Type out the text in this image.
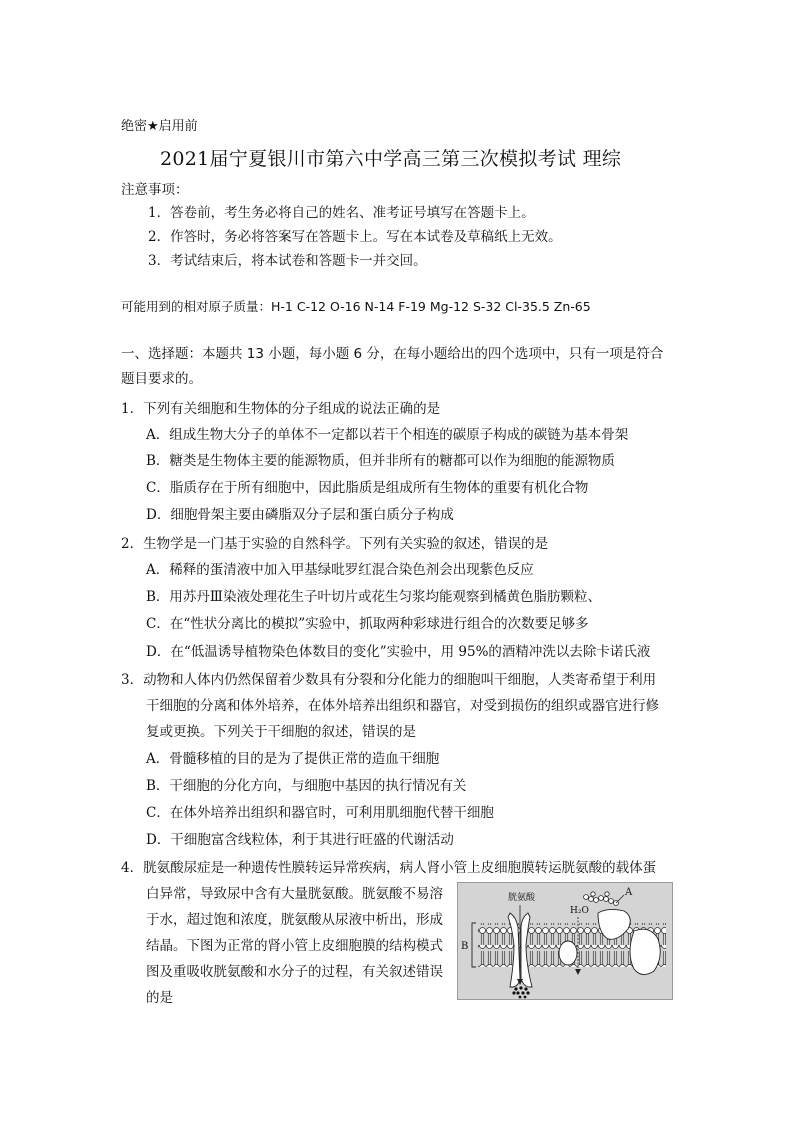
绝密★启用前
2021届宁夏银川市第六中学高三第三次模拟考试 理综
注意事项：
1．答卷前，考生务必将自己的姓名、准考证号填写在答题卡上。
2．作答时，务必将答案写在答题卡上。写在本试卷及草稿纸上无效。
3．考试结束后，将本试卷和答题卡一并交回。
可能用到的相对原子质量：H-1 C-12 O-16 N-14 F-19 Mg-12 S-32 Cl-35.5 Zn-65
一、选择题：本题共 13 小题，每小题 6 分，在每小题给出的四个选项中，只有一项是符合
题目要求的。
1．下列有关细胞和生物体的分子组成的说法正确的是
A．组成生物大分子的单体不一定都以若干个相连的碳原子构成的碳链为基本骨架
B．糖类是生物体主要的能源物质，但并非所有的糖都可以作为细胞的能源物质
C．脂质存在于所有细胞中，因此脂质是组成所有生物体的重要有机化合物
D．细胞骨架主要由磷脂双分子层和蛋白质分子构成
2．生物学是一门基于实验的自然科学。下列有关实验的叙述，错误的是
A．稀释的蛋清液中加入甲基绿吡罗红混合染色剂会出现紫色反应
B．用苏丹Ⅲ染液处理花生子叶切片或花生匀浆均能观察到橘黄色脂肪颗粒、
C．在“性状分离比的模拟”实验中，抓取两种彩球进行组合的次数要足够多
D．在“低温诱导植物染色体数目的变化”实验中，用 95%的酒精冲洗以去除卡诺氏液
3．动物和人体内仍然保留着少数具有分裂和分化能力的细胞叫干细胞，人类寄希望于利用
干细胞的分离和体外培养，在体外培养出组织和器官，对受到损伤的组织或器官进行修
复或更换。下列关于干细胞的叙述，错误的是
A．骨髓移植的目的是为了提供正常的造血干细胞
B．干细胞的分化方向，与细胞中基因的执行情况有关
C．在体外培养出组织和器官时，可利用肌细胞代替干细胞
D．干细胞富含线粒体，利于其进行旺盛的代谢活动
4．胱氨酸尿症是一种遗传性膜转运异常疾病，病人肾小管上皮细胞膜转运胱氨酸的载体蛋
白异常，导致尿中含有大量胱氨酸。胱氨酸不易溶
于水，超过饱和浓度，胱氨酸从尿液中析出，形成
结晶。下图为正常的肾小管上皮细胞膜的结构模式
图及重吸收胱氨酸和水分子的过程，有关叙述错误
的是
B
胱氨酸
H₂O
A
